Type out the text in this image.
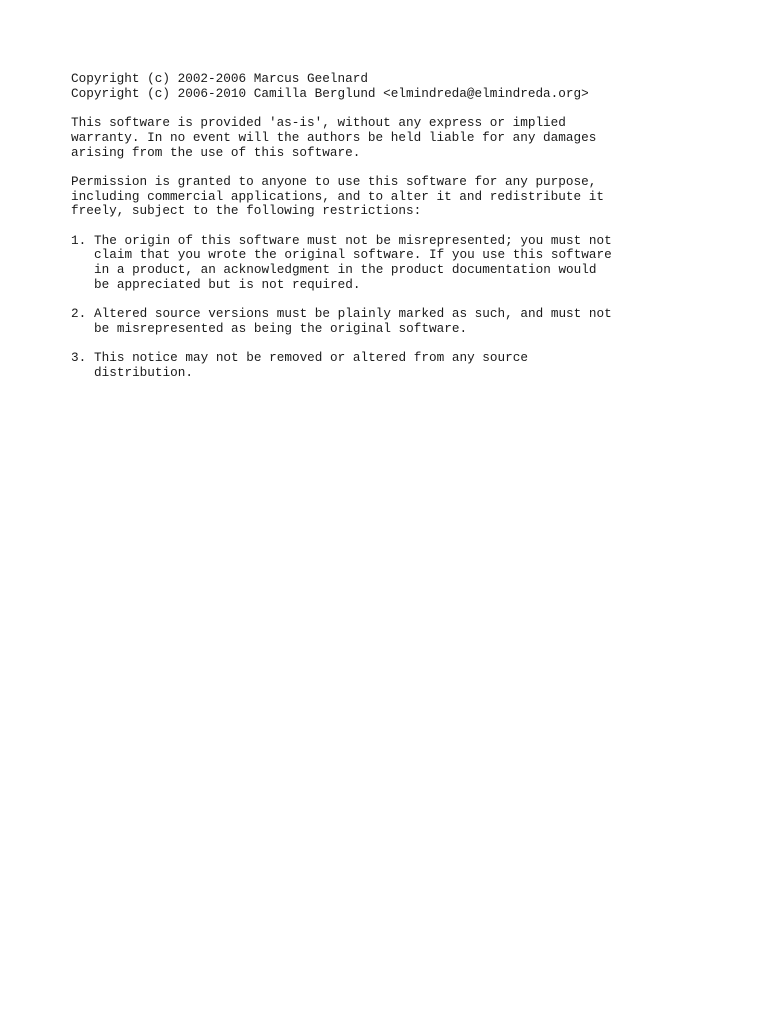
Copyright (c) 2002-2006 Marcus Geelnard
Copyright (c) 2006-2010 Camilla Berglund <elmindreda@elmindreda.org>
This software is provided 'as-is', without any express or implied
warranty. In no event will the authors be held liable for any damages
arising from the use of this software.
Permission is granted to anyone to use this software for any purpose,
including commercial applications, and to alter it and redistribute it
freely, subject to the following restrictions:
1. The origin of this software must not be misrepresented; you must not
claim that you wrote the original software. If you use this software
in a product, an acknowledgment in the product documentation would
be appreciated but is not required.
2. Altered source versions must be plainly marked as such, and must not
be misrepresented as being the original software.
3. This notice may not be removed or altered from any source
distribution.
